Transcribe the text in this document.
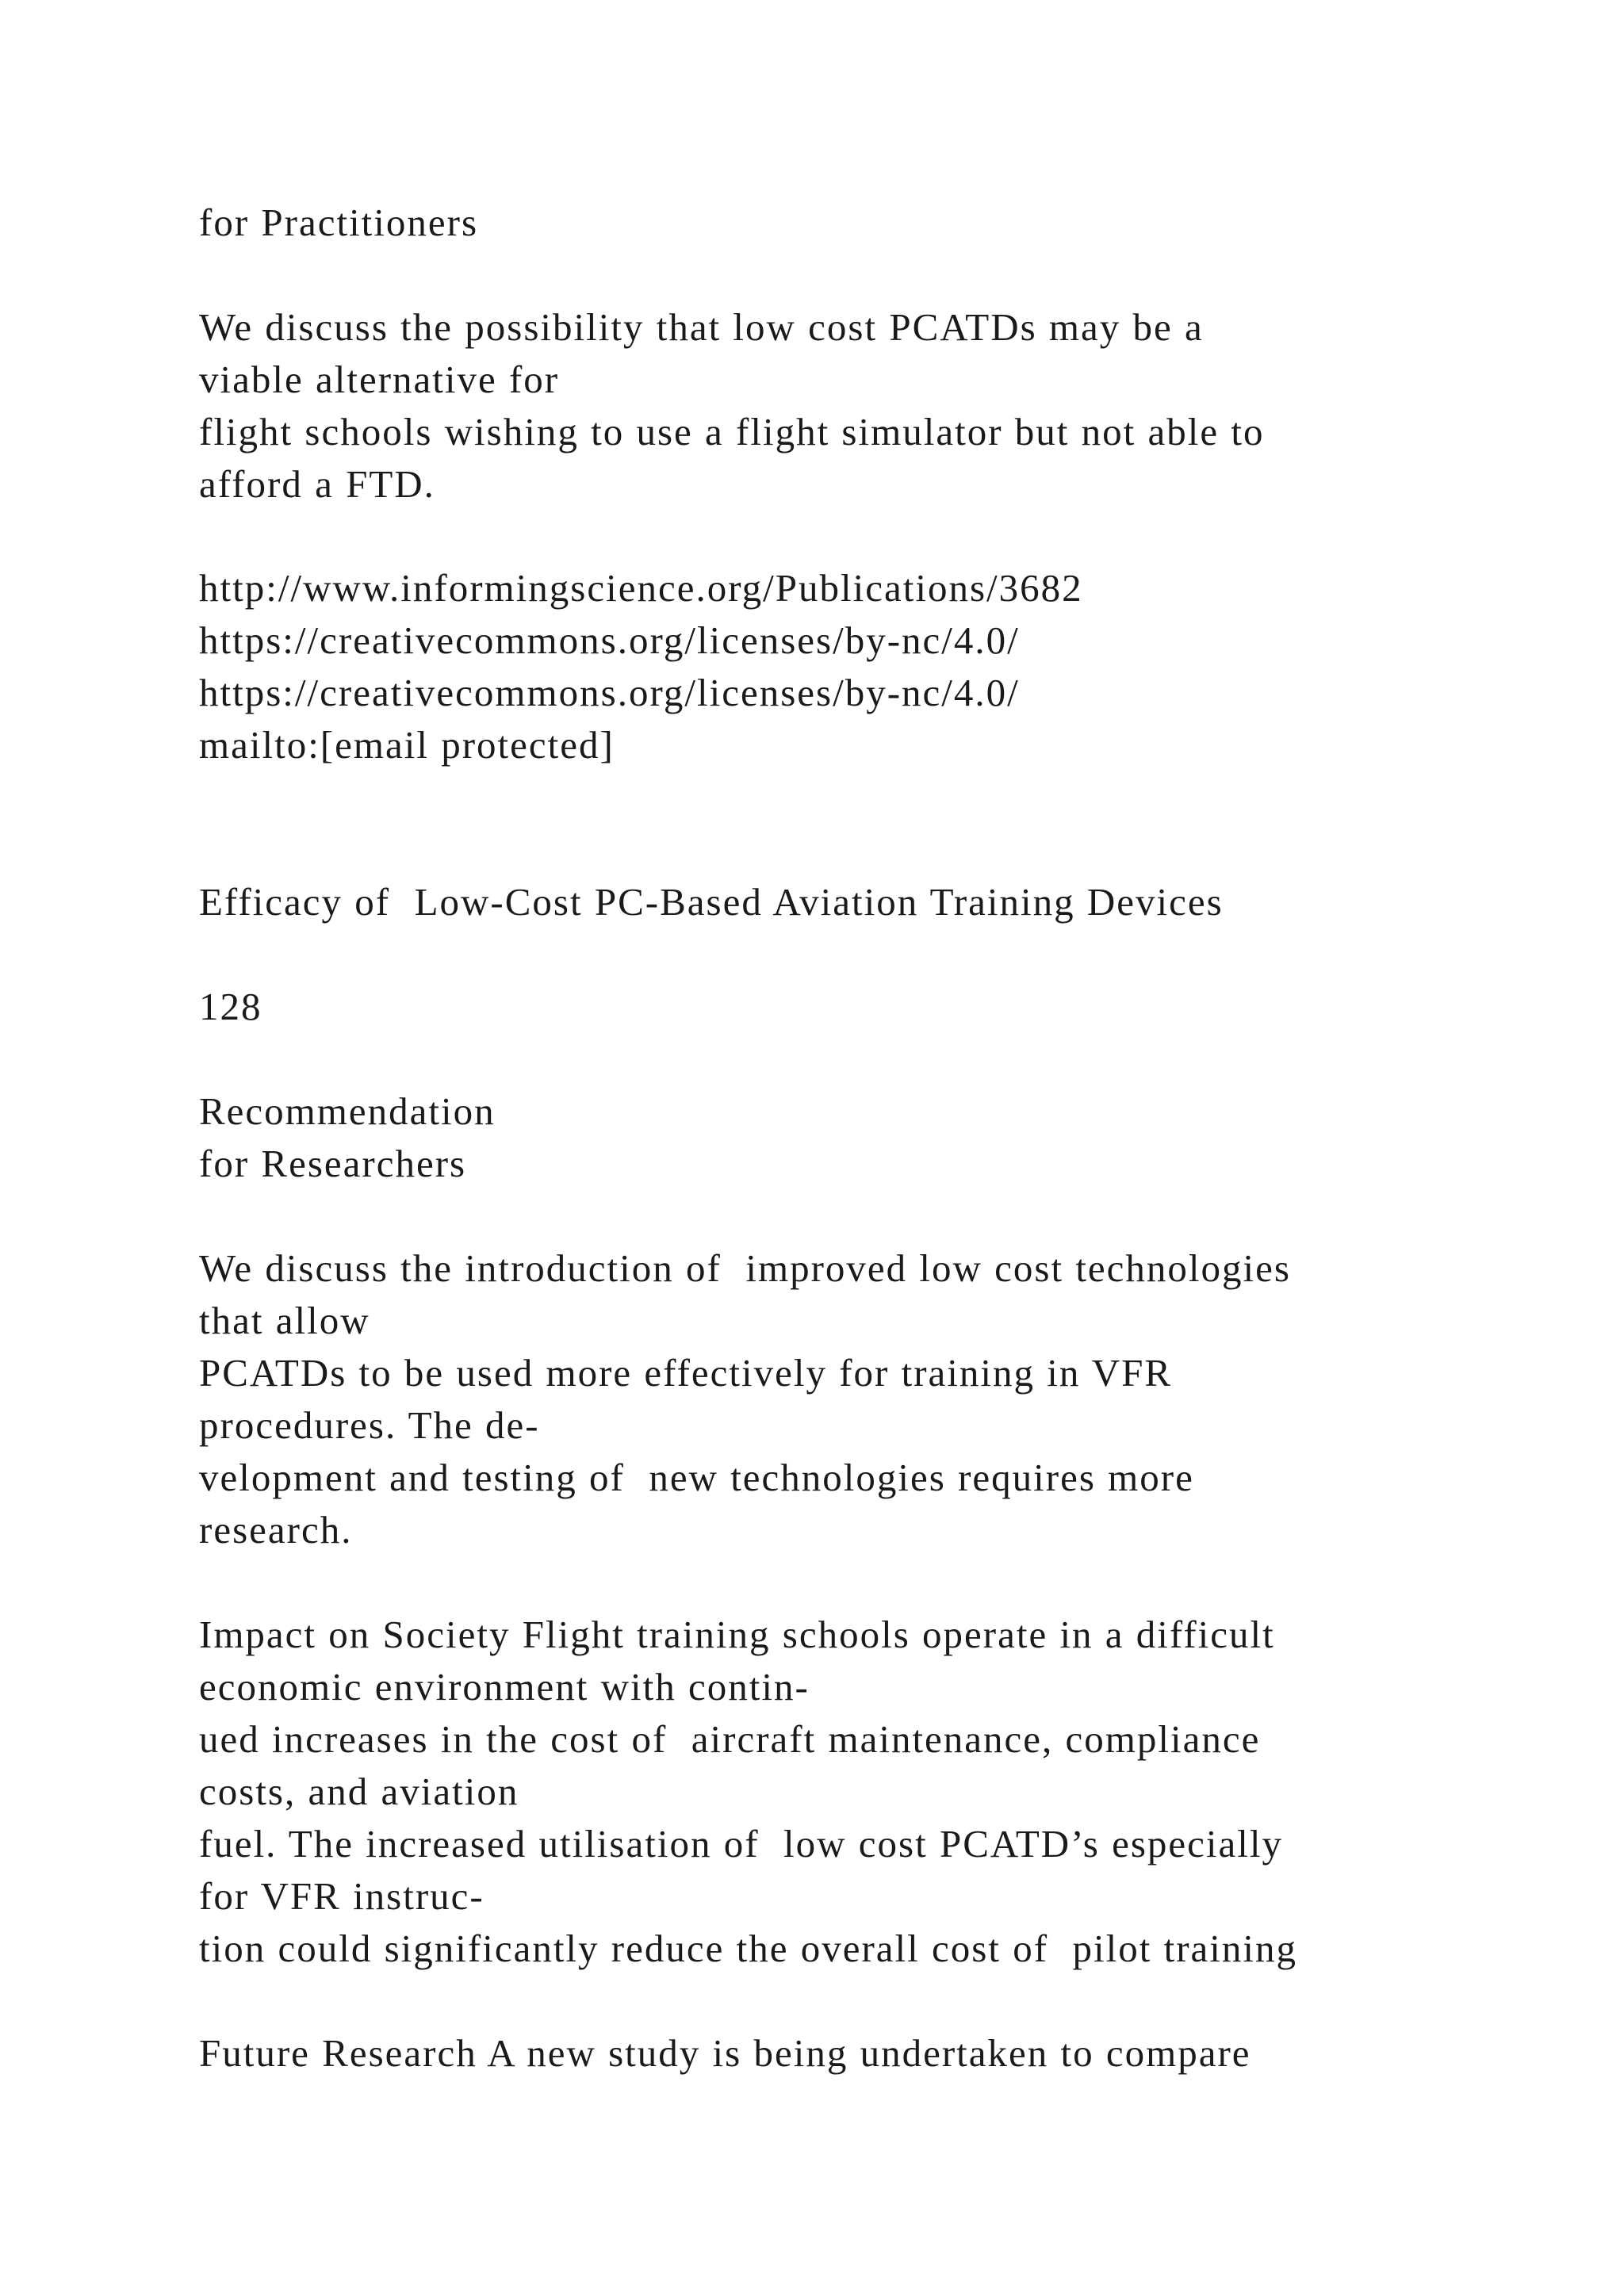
for Practitioners

We discuss the possibility that low cost PCATDs may be a

viable alternative for

flight schools wishing to use a flight simulator but not able to

afford a FTD.

http://www.informingscience.org/Publications/3682

https://creativecommons.org/licenses/by-nc/4.0/

https://creativecommons.org/licenses/by-nc/4.0/

mailto:[email protected]

Efficacy of  Low-Cost PC-Based Aviation Training Devices

128

Recommendation

for Researchers

We discuss the introduction of  improved low cost technologies

that allow

PCATDs to be used more effectively for training in VFR

procedures. The de-

velopment and testing of  new technologies requires more

research.

Impact on Society Flight training schools operate in a difficult

economic environment with contin-

ued increases in the cost of  aircraft maintenance, compliance

costs, and aviation

fuel. The increased utilisation of  low cost PCATD’s especially

for VFR instruc-

tion could significantly reduce the overall cost of  pilot training

Future Research A new study is being undertaken to compare
